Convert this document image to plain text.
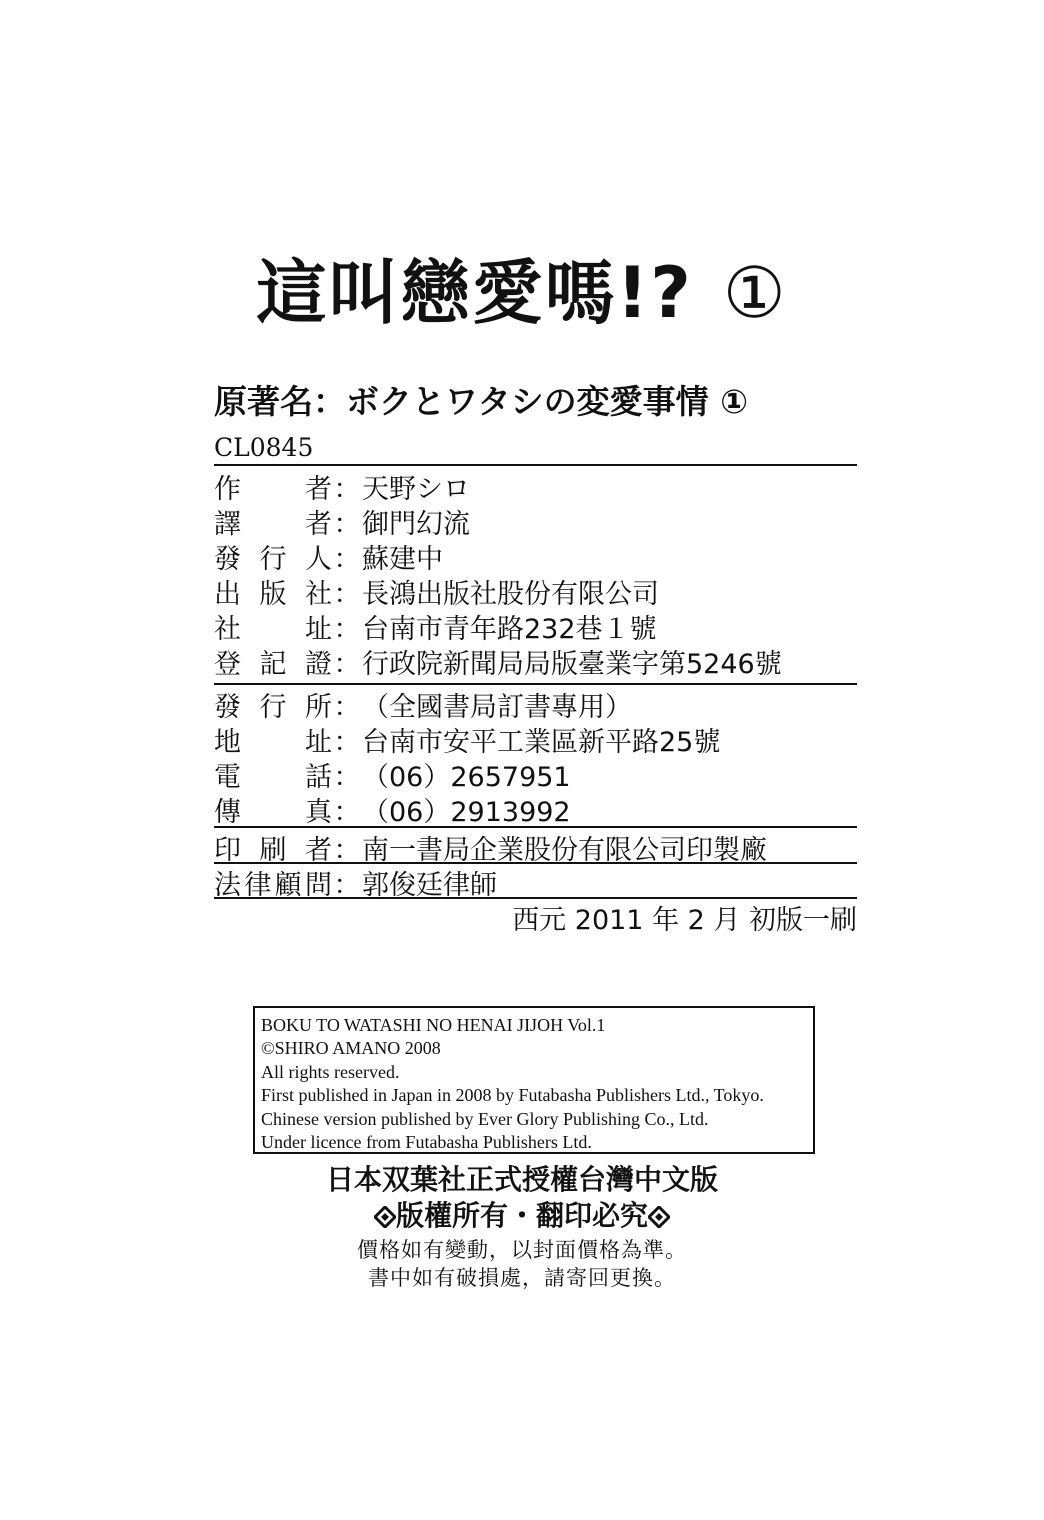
這叫戀愛嗎!? ①
原著名：ボクとワタシの変愛事情 ①
CL0845
作者 ： 天野シロ
譯者 ： 御門幻流
發行人 ： 蘇建中
出版社 ： 長鴻出版社股份有限公司
社址 ： 台南市青年路232巷１號
登記證 ： 行政院新聞局局版臺業字第5246號
發行所 ： （全國書局訂書專用）
地址 ： 台南市安平工業區新平路25號
電話 ： （06）2657951
傳真 ： （06）2913992
印刷者 ： 南一書局企業股份有限公司印製廠
法律顧問 ： 郭俊廷律師
西元 2011 年 2 月 初版一刷
BOKU TO WATASHI NO HENAI JIJOH Vol.1
©SHIRO AMANO 2008
All rights reserved.
First published in Japan in 2008 by Futabasha Publishers Ltd., Tokyo.
Chinese version published by Ever Glory Publishing Co., Ltd.
Under licence from Futabasha Publishers Ltd.
日本双葉社正式授權台灣中文版
版權所有・翻印必究
價格如有變動，以封面價格為準。
書中如有破損處，請寄回更換。
